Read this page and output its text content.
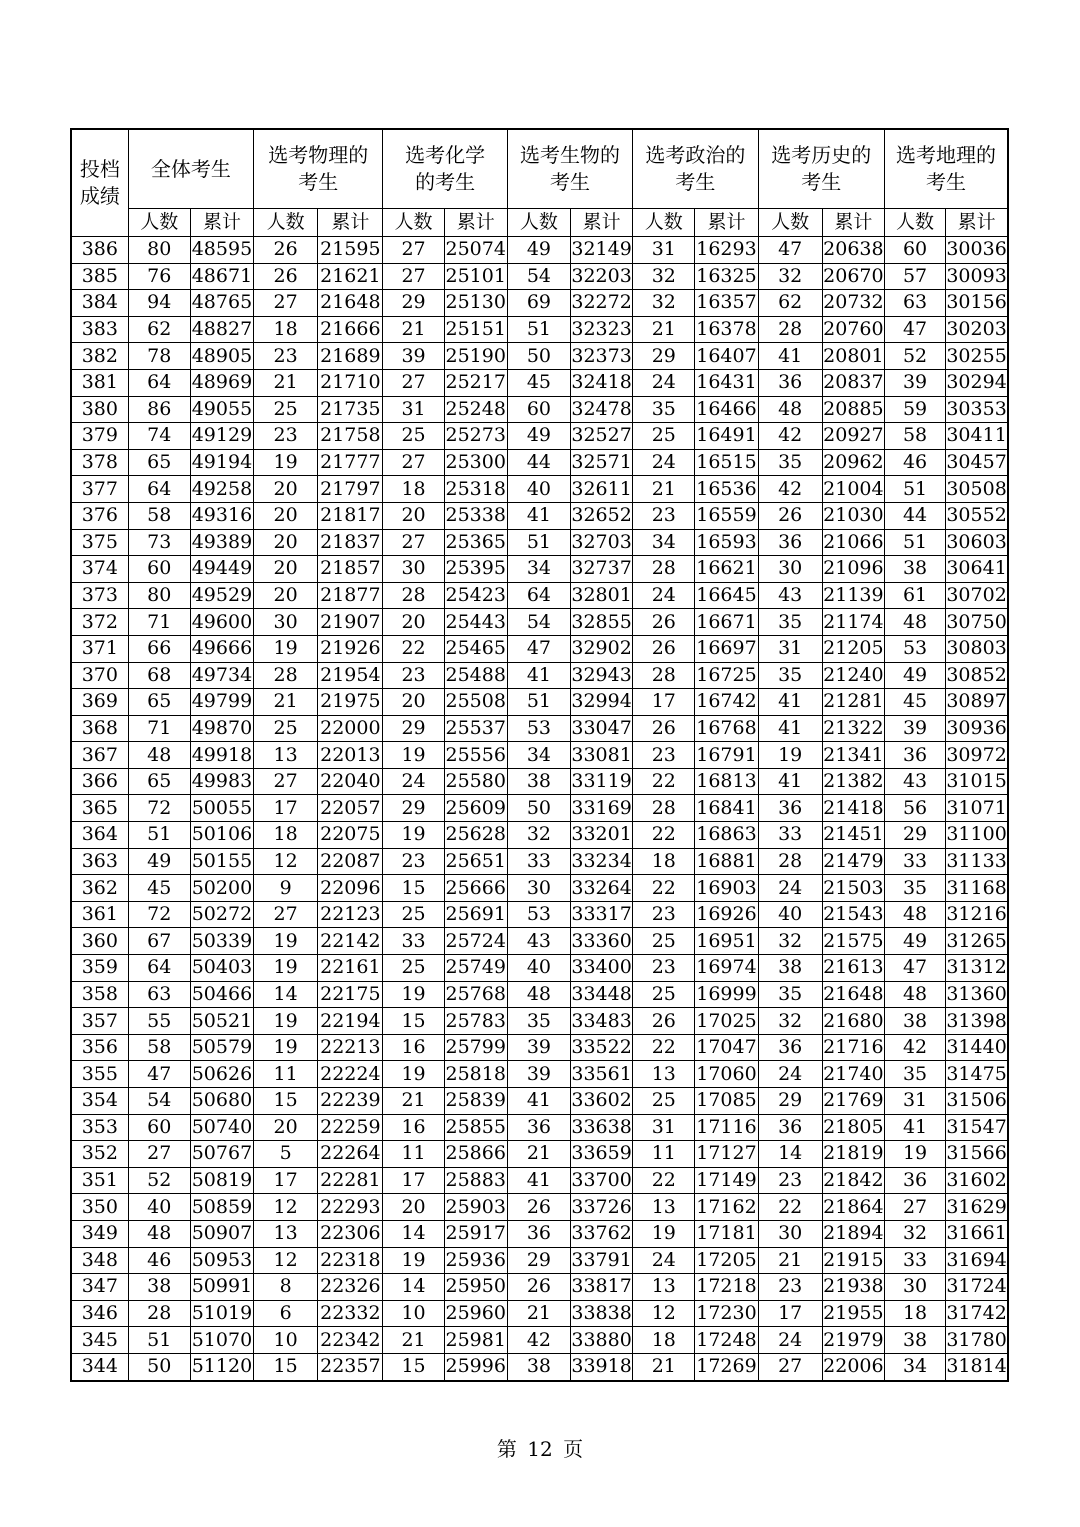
投档成绩	全体考生		选考物理的考生		选考化学的考生		选考生物的考生		选考政治的考生		选考历史的考生		选考地理的考生	
	人数	累计	人数	累计	人数	累计	人数	累计	人数	累计	人数	累计	人数	累计
386	80	48595	26	21595	27	25074	49	32149	31	16293	47	20638	60	30036
385	76	48671	26	21621	27	25101	54	32203	32	16325	32	20670	57	30093
384	94	48765	27	21648	29	25130	69	32272	32	16357	62	20732	63	30156
383	62	48827	18	21666	21	25151	51	32323	21	16378	28	20760	47	30203
382	78	48905	23	21689	39	25190	50	32373	29	16407	41	20801	52	30255
381	64	48969	21	21710	27	25217	45	32418	24	16431	36	20837	39	30294
380	86	49055	25	21735	31	25248	60	32478	35	16466	48	20885	59	30353
379	74	49129	23	21758	25	25273	49	32527	25	16491	42	20927	58	30411
378	65	49194	19	21777	27	25300	44	32571	24	16515	35	20962	46	30457
377	64	49258	20	21797	18	25318	40	32611	21	16536	42	21004	51	30508
376	58	49316	20	21817	20	25338	41	32652	23	16559	26	21030	44	30552
375	73	49389	20	21837	27	25365	51	32703	34	16593	36	21066	51	30603
374	60	49449	20	21857	30	25395	34	32737	28	16621	30	21096	38	30641
373	80	49529	20	21877	28	25423	64	32801	24	16645	43	21139	61	30702
372	71	49600	30	21907	20	25443	54	32855	26	16671	35	21174	48	30750
371	66	49666	19	21926	22	25465	47	32902	26	16697	31	21205	53	30803
370	68	49734	28	21954	23	25488	41	32943	28	16725	35	21240	49	30852
369	65	49799	21	21975	20	25508	51	32994	17	16742	41	21281	45	30897
368	71	49870	25	22000	29	25537	53	33047	26	16768	41	21322	39	30936
367	48	49918	13	22013	19	25556	34	33081	23	16791	19	21341	36	30972
366	65	49983	27	22040	24	25580	38	33119	22	16813	41	21382	43	31015
365	72	50055	17	22057	29	25609	50	33169	28	16841	36	21418	56	31071
364	51	50106	18	22075	19	25628	32	33201	22	16863	33	21451	29	31100
363	49	50155	12	22087	23	25651	33	33234	18	16881	28	21479	33	31133
362	45	50200	9	22096	15	25666	30	33264	22	16903	24	21503	35	31168
361	72	50272	27	22123	25	25691	53	33317	23	16926	40	21543	48	31216
360	67	50339	19	22142	33	25724	43	33360	25	16951	32	21575	49	31265
359	64	50403	19	22161	25	25749	40	33400	23	16974	38	21613	47	31312
358	63	50466	14	22175	19	25768	48	33448	25	16999	35	21648	48	31360
357	55	50521	19	22194	15	25783	35	33483	26	17025	32	21680	38	31398
356	58	50579	19	22213	16	25799	39	33522	22	17047	36	21716	42	31440
355	47	50626	11	22224	19	25818	39	33561	13	17060	24	21740	35	31475
354	54	50680	15	22239	21	25839	41	33602	25	17085	29	21769	31	31506
353	60	50740	20	22259	16	25855	36	33638	31	17116	36	21805	41	31547
352	27	50767	5	22264	11	25866	21	33659	11	17127	14	21819	19	31566
351	52	50819	17	22281	17	25883	41	33700	22	17149	23	21842	36	31602
350	40	50859	12	22293	20	25903	26	33726	13	17162	22	21864	27	31629
349	48	50907	13	22306	14	25917	36	33762	19	17181	30	21894	32	31661
348	46	50953	12	22318	19	25936	29	33791	24	17205	21	21915	33	31694
347	38	50991	8	22326	14	25950	26	33817	13	17218	23	21938	30	31724
346	28	51019	6	22332	10	25960	21	33838	12	17230	17	21955	18	31742
345	51	51070	10	22342	21	25981	42	33880	18	17248	24	21979	38	31780
344	50	51120	15	22357	15	25996	38	33918	21	17269	27	22006	34	31814
第 12 页
